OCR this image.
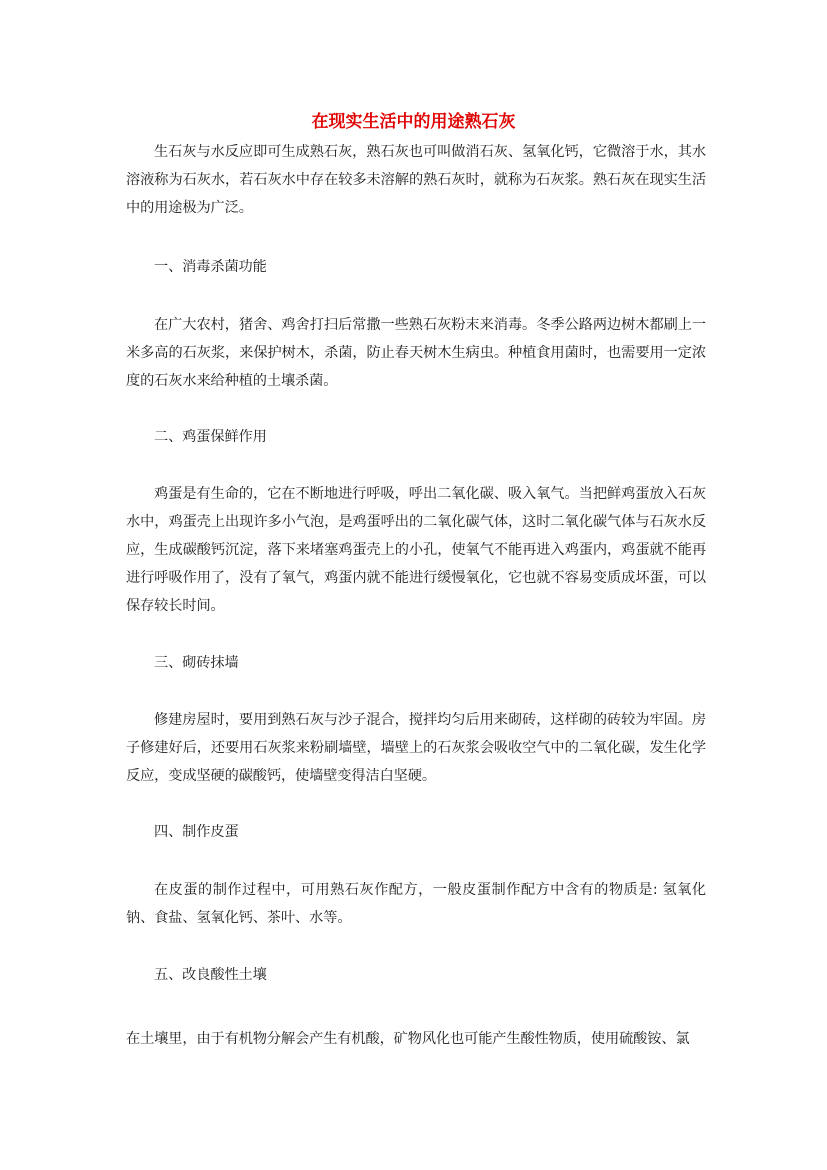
在现实生活中的用途熟石灰
生石灰与水反应即可生成熟石灰，熟石灰也可叫做消石灰、氢氧化钙，它微溶于水，其水溶液称为石灰水，若石灰水中存在较多未溶解的熟石灰时，就称为石灰浆。熟石灰在现实生活中的用途极为广泛。
一、消毒杀菌功能
在广大农村，猪舍、鸡舍打扫后常撒一些熟石灰粉末来消毒。冬季公路两边树木都刷上一米多高的石灰浆，来保护树木，杀菌，防止春天树木生病虫。种植食用菌时，也需要用一定浓度的石灰水来给种植的土壤杀菌。
二、鸡蛋保鲜作用
鸡蛋是有生命的，它在不断地进行呼吸，呼出二氧化碳、吸入氧气。当把鲜鸡蛋放入石灰水中，鸡蛋壳上出现许多小气泡，是鸡蛋呼出的二氧化碳气体，这时二氧化碳气体与石灰水反应，生成碳酸钙沉淀，落下来堵塞鸡蛋壳上的小孔，使氧气不能再进入鸡蛋内，鸡蛋就不能再进行呼吸作用了，没有了氧气，鸡蛋内就不能进行缓慢氧化，它也就不容易变质成坏蛋，可以保存较长时间。
三、砌砖抹墙
修建房屋时，要用到熟石灰与沙子混合，搅拌均匀后用来砌砖，这样砌的砖较为牢固。房子修建好后，还要用石灰浆来粉刷墙壁，墙壁上的石灰浆会吸收空气中的二氧化碳，发生化学反应，变成坚硬的碳酸钙，使墙壁变得洁白坚硬。
四、制作皮蛋
在皮蛋的制作过程中，可用熟石灰作配方，一般皮蛋制作配方中含有的物质是: 氢氧化钠、食盐、氢氧化钙、茶叶、水等。
五、改良酸性土壤
在土壤里，由于有机物分解会产生有机酸，矿物风化也可能产生酸性物质，使用硫酸铵、氯
